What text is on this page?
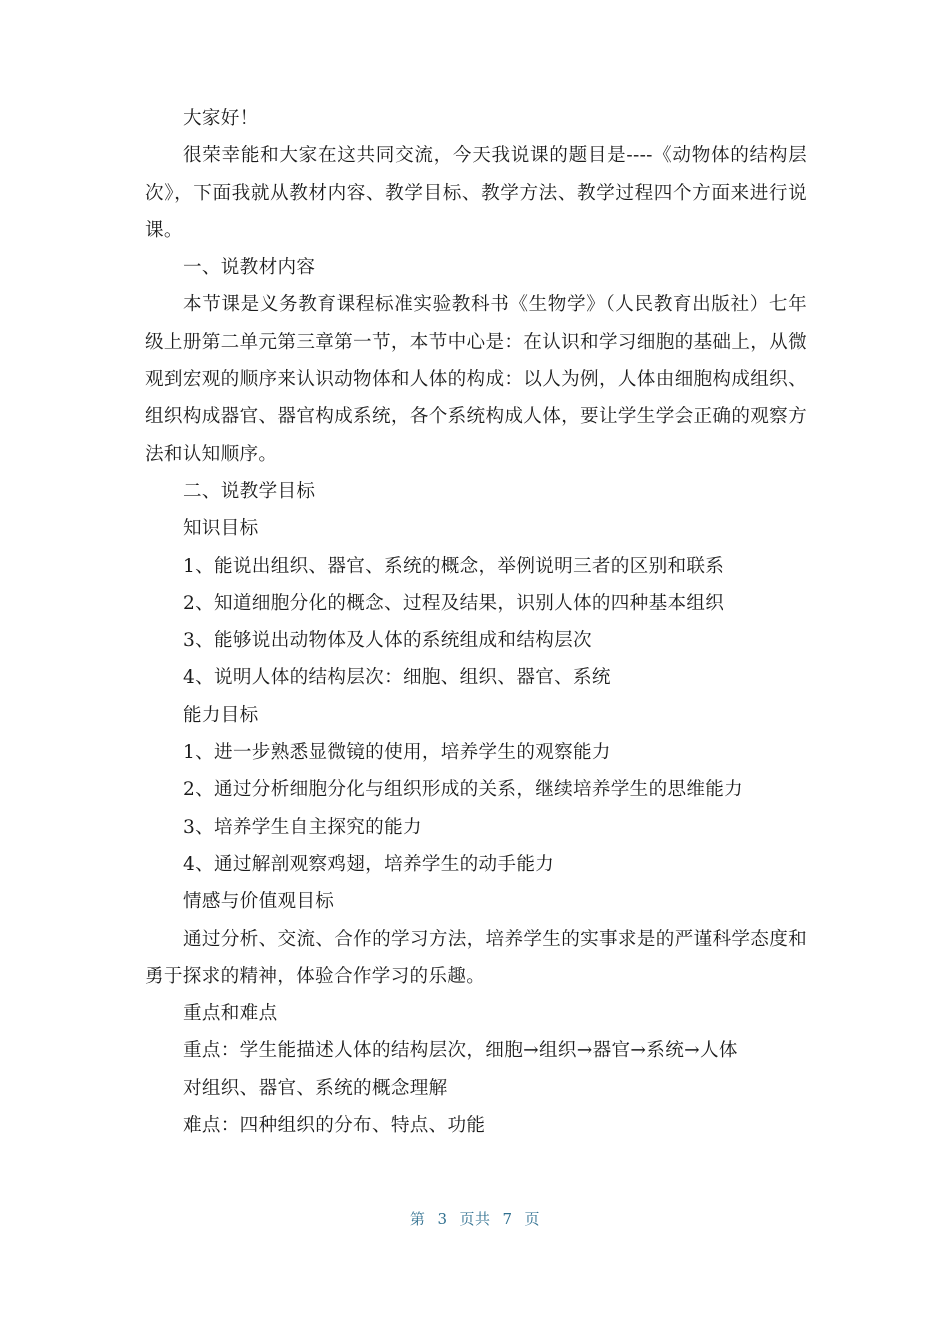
大家好！

很荣幸能和大家在这共同交流，今天我说课的题目是----《动物体的结构层次》，下面我就从教材内容、教学目标、教学方法、教学过程四个方面来进行说课。

一、说教材内容

本节课是义务教育课程标准实验教科书《生物学》（人民教育出版社）七年级上册第二单元第三章第一节，本节中心是：在认识和学习细胞的基础上，从微观到宏观的顺序来认识动物体和人体的构成：以人为例，人体由细胞构成组织、组织构成器官、器官构成系统，各个系统构成人体，要让学生学会正确的观察方法和认知顺序。

二、说教学目标

知识目标

1、能说出组织、器官、系统的概念，举例说明三者的区别和联系

2、知道细胞分化的概念、过程及结果，识别人体的四种基本组织

3、能够说出动物体及人体的系统组成和结构层次

4、说明人体的结构层次：细胞、组织、器官、系统

能力目标

1、进一步熟悉显微镜的使用，培养学生的观察能力

2、通过分析细胞分化与组织形成的关系，继续培养学生的思维能力

3、培养学生自主探究的能力

4、通过解剖观察鸡翅，培养学生的动手能力

情感与价值观目标

通过分析、交流、合作的学习方法，培养学生的实事求是的严谨科学态度和勇于探求的精神，体验合作学习的乐趣。

重点和难点

重点：学生能描述人体的结构层次，细胞→组织→器官→系统→人体

对组织、器官、系统的概念理解

难点：四种组织的分布、特点、功能

第 3 页共 7 页
